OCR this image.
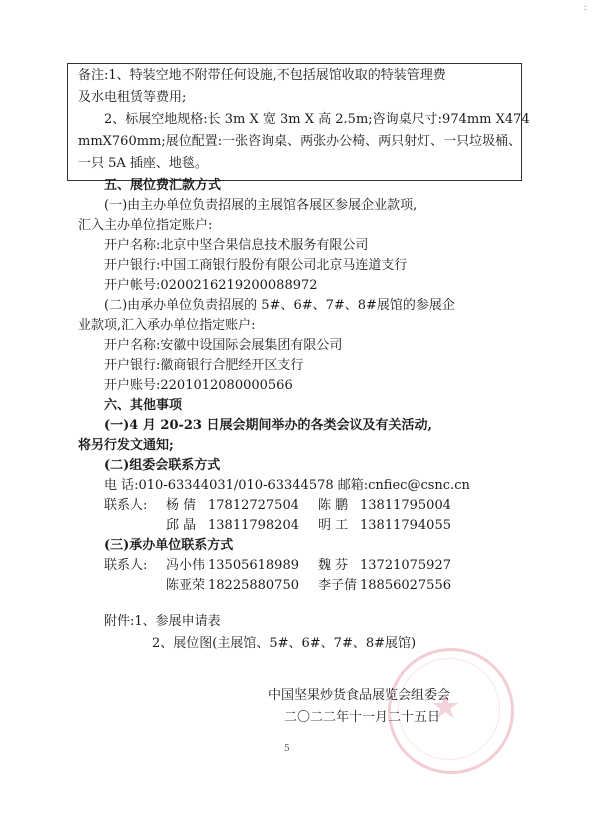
:
备注:1、特装空地不附带任何设施,不包括展馆收取的特装管理费
及水电租赁等费用;
2、标展空地规格:长 3m X 宽 3m X 高 2.5m;咨询桌尺寸:974mm X474
mmX760mm;展位配置:一张咨询桌、两张办公椅、两只射灯、一只垃圾桶、
一只 5A 插座、地毯。
五、展位费汇款方式
(一)由主办单位负责招展的主展馆各展区参展企业款项,
汇入主办单位指定账户:
开户名称:北京中坚合果信息技术服务有限公司
开户银行:中国工商银行股份有限公司北京马连道支行
开户帐号:0200216219200088972
(二)由承办单位负责招展的 5#、6#、7#、8#展馆的参展企
业款项,汇入承办单位指定账户:
开户名称:安徽中设国际会展集团有限公司
开户银行:徽商银行合肥经开区支行
开户账号:2201012080000566
六、其他事项
(一)4 月 20-23 日展会期间举办的各类会议及有关活动,
将另行发文通知;
(二)组委会联系方式
电 话:010-63344031/010-63344578 邮箱:cnfiec@csnc.cn
联系人: 杨 倩 17812727504 陈 鹏 13811795004
邱 晶 13811798204 明 工 13811794055
(三)承办单位联系方式
联系人: 冯小伟 13505618989 魏 芬 13721075927
陈亚荣 18225880750 李子倩 18856027556
附件:1、参展申请表
2、展位图(主展馆、5#、6#、7#、8#展馆)
★
中国坚果炒货食品展览会组委会
二〇二二年十一月二十五日
5
